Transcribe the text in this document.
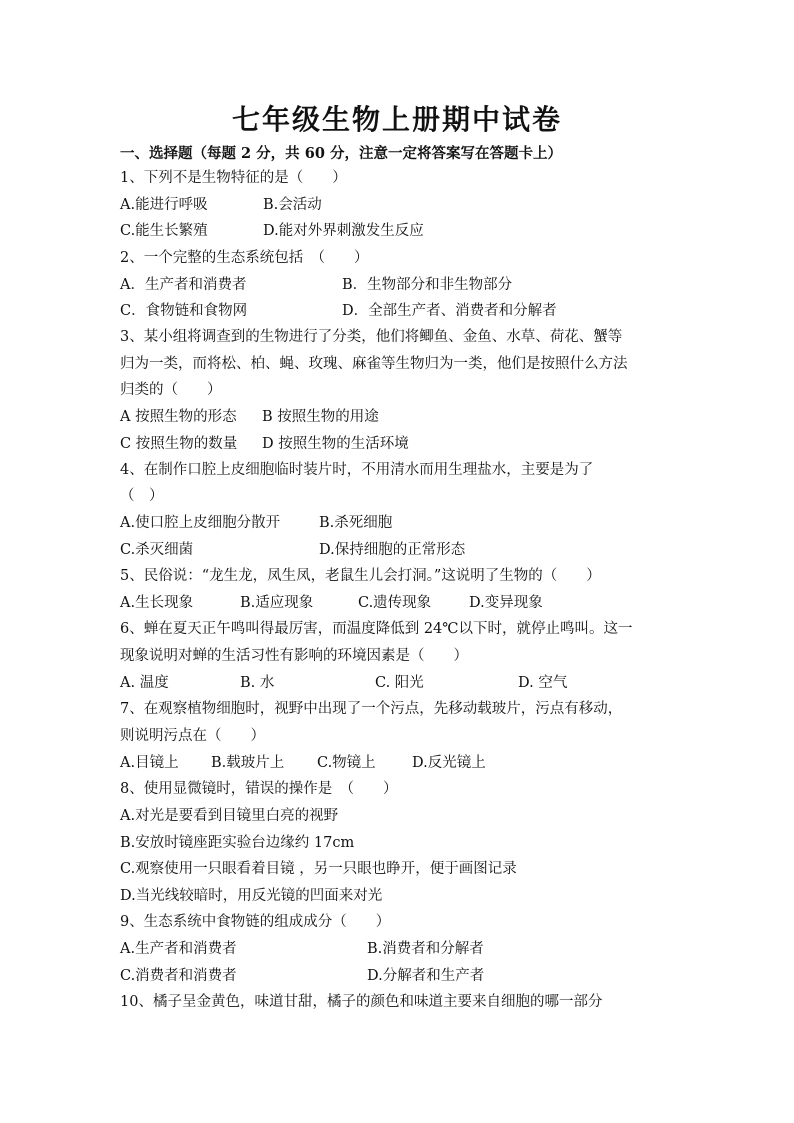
七年级生物上册期中试卷
一、选择题（每题 2 分，共 60 分，注意一定将答案写在答题卡上）
1、下列不是生物特征的是（　　）
A.能进行呼吸	B.会活动
C.能生长繁殖	D.能对外界刺激发生反应
2、一个完整的生态系统包括　（　　）
A．生产者和消费者	B．生物部分和非生物部分
C．食物链和食物网	D．全部生产者、消费者和分解者
3、某小组将调查到的生物进行了分类，他们将鲫鱼、金鱼、水草、荷花、蟹等
归为一类，而将松、柏、蝇、玫瑰、麻雀等生物归为一类，他们是按照什么方法
归类的（　　）
A 按照生物的形态 B 按照生物的用途
C 按照生物的数量 D 按照生物的生活环境
4、在制作口腔上皮细胞临时装片时，不用清水而用生理盐水，主要是为了
（　）
A.使口腔上皮细胞分散开	B.杀死细胞
C.杀灭细菌	D.保持细胞的正常形态
5、民俗说：“龙生龙，凤生凤，老鼠生儿会打洞。”这说明了生物的（　　）
A.生长现象	B.适应现象	C.遗传现象	D.变异现象
6、蝉在夏天正午鸣叫得最厉害，而温度降低到 24℃以下时，就停止鸣叫。这一
现象说明对蝉的生活习性有影响的环境因素是（　　）
A. 温度	B. 水	C. 阳光	D. 空气
7、在观察植物细胞时，视野中出现了一个污点，先移动载玻片，污点有移动，
则说明污点在（　　）
A.目镜上 B.载玻片上 C.物镜上	D.反光镜上
8、使用显微镜时，错误的操作是　（　　）
A.对光是要看到目镜里白亮的视野
B.安放时镜座距实验台边缘约 17cm
C.观察使用一只眼看着目镜 ，另一只眼也睁开，便于画图记录
D.当光线较暗时，用反光镜的凹面来对光
9、生态系统中食物链的组成成分（　　）
A.生产者和消费者	B.消费者和分解者
C.消费者和消费者	D.分解者和生产者
10、橘子呈金黄色，味道甘甜，橘子的颜色和味道主要来自细胞的哪一部分
